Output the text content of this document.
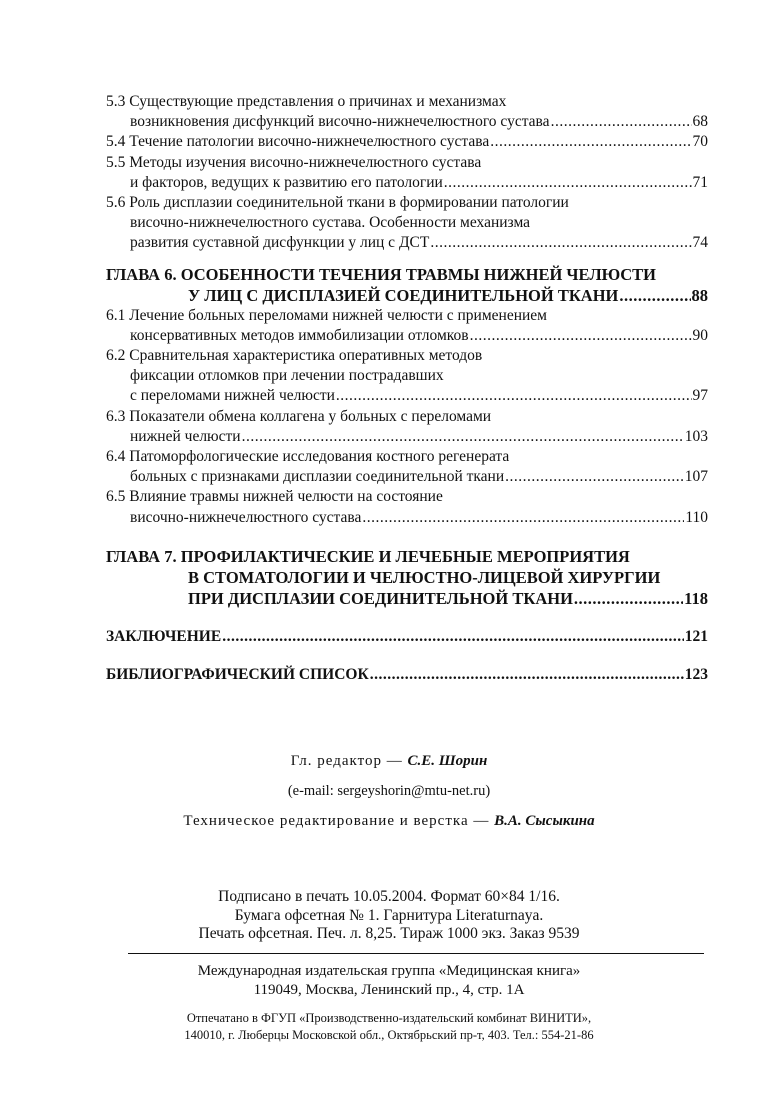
5.3 Существующие представления о причинах и механизмах
возникновения дисфункций височно-нижнечелюстного сустава .....	68
5.4 Течение патологии височно-нижнечелюстного сустава .....	70
5.5 Методы изучения височно-нижнечелюстного сустава
и факторов, ведущих к развитию его патологии .....	71
5.6 Роль дисплазии соединительной ткани в формировании патологии
височно-нижнечелюстного сустава. Особенности механизма
развития суставной дисфункции у лиц с ДСТ .....	74
ГЛАВА 6. ОСОБЕННОСТИ ТЕЧЕНИЯ ТРАВМЫ НИЖНЕЙ ЧЕЛЮСТИ
У ЛИЦ С ДИСПЛАЗИЕЙ СОЕДИНИТЕЛЬНОЙ ТКАНИ .....	88
6.1 Лечение больных переломами нижней челюсти с применением
консервативных методов иммобилизации отломков .....	90
6.2 Сравнительная характеристика оперативных методов
фиксации отломков при лечении пострадавших
с переломами нижней челюсти .....	97
6.3 Показатели обмена коллагена у больных с переломами
нижней челюсти .....	103
6.4 Патоморфологические исследования костного регенерата
больных с признаками дисплазии соединительной ткани .....	107
6.5 Влияние травмы нижней челюсти на состояние
височно-нижнечелюстного сустава .....	110
ГЛАВА 7. ПРОФИЛАКТИЧЕСКИЕ И ЛЕЧЕБНЫЕ МЕРОПРИЯТИЯ
В СТОМАТОЛОГИИ И ЧЕЛЮСТНО-ЛИЦЕВОЙ ХИРУРГИИ
ПРИ ДИСПЛАЗИИ СОЕДИНИТЕЛЬНОЙ ТКАНИ .....	118
ЗАКЛЮЧЕНИЕ .....	121
БИБЛИОГРАФИЧЕСКИЙ СПИСОК .....	123
Гл. редактор — С.Е. Шорин
(e-mail: sergeyshorin@mtu-net.ru)
Техническое редактирование и верстка — В.А. Сысыкина
Подписано в печать 10.05.2004. Формат 60×84 1/16.
Бумага офсетная № 1. Гарнитура Literaturnaya.
Печать офсетная. Печ. л. 8,25. Тираж 1000 экз. Заказ 9539
Международная издательская группа «Медицинская книга»
119049, Москва, Ленинский пр., 4, стр. 1А
Отпечатано в ФГУП «Производственно-издательский комбинат ВИНИТИ»,
140010, г. Люберцы Московской обл., Октябрьский пр-т, 403. Тел.: 554-21-86
